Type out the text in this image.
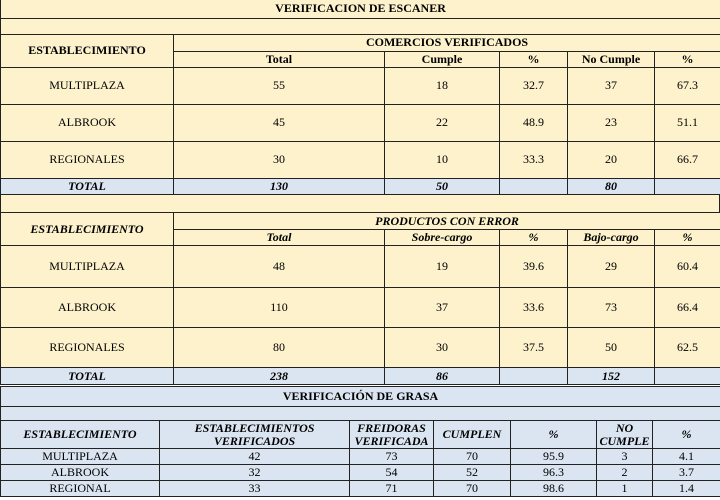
VERIFICACION DE ESCANER					

ESTABLECIMIENTO	COMERCIOS VERIFICADOS				
	Total	Cumple	%	No Cumple	%
MULTIPLAZA	55	18	32.7	37	67.3
ALBROOK	45	22	48.9	23	51.1
REGIONALES	30	10	33.3	20	66.7
TOTAL	130	50		80	
ESTABLECIMIENTO	PRODUCTOS CON ERROR				
	Total	Sobre-cargo	%	Bajo-cargo	%
MULTIPLAZA	48	19	39.6	29	60.4
ALBROOK	110	37	33.6	73	66.4
REGIONALES	80	30	37.5	50	62.5
TOTAL	238	86		152	
VERIFICACIÓN DE GRASA						

ESTABLECIMIENTO	ESTABLECIMIENTOS VERIFICADOS	FREIDORAS VERIFICADA	CUMPLEN	%	NO CUMPLE	%
MULTIPLAZA	42	73	70	95.9	3	4.1
ALBROOK	32	54	52	96.3	2	3.7
REGIONAL	33	71	70	98.6	1	1.4
